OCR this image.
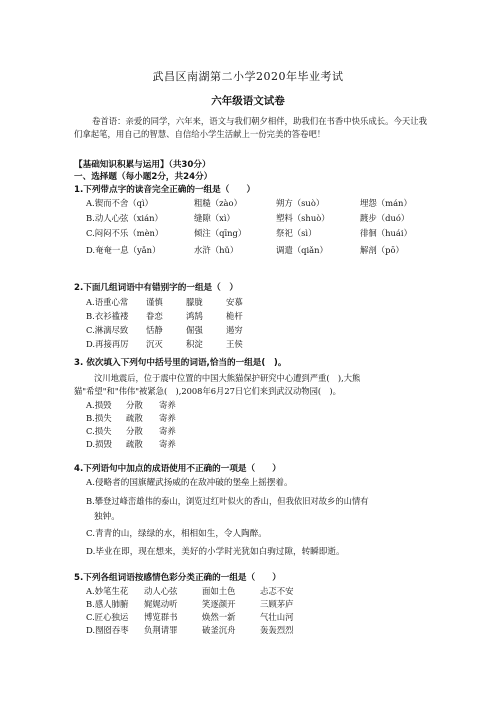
武昌区南湖第二小学2020年毕业考试
六年级语文试卷
卷首语：亲爱的同学，六年来，语文与我们朝夕相伴，助我们在书香中快乐成长。今天让我们拿起笔，用自己的智慧、自信给小学生活献上一份完美的答卷吧！
【基础知识积累与运用】（共30分）
一、选择题（每小题2分，共24分）
1.下列带点字的读音完全正确的一组是（　　）
A.锲而不舍（qì）	粗糙（zào）	朔方（suò）	埋怨（mán）
B.动人心弦（xián）	缝隙（xì）	塑料（shuò）	踱步（duó）
C.闷闷不乐（mèn）	倾注（qīng）	祭祀（sì）	徘徊（huái）
D.奄奄一息（yǎn）	水浒（hǔ）	调遣（qiǎn）	解剖（pō）
2.下面几组词语中有错别字的一组是（　）
A.语重心常	谨慎	朦胧	安慕
B.衣衫褴褛	眷恋	鸿鹄	桅杆
C.淋漓尽致	恬静	倔强	遏穷
D.再接再厉	沉灭	积淀	王侯
3. 依次填入下列句中括号里的词语,恰当的一组是(　)。
汶川地震后，位于震中位置的中国大熊猫保护研究中心遭到严重(　),大熊
猫"希望"和"伟伟"被紧急(　),2008年6月27日它们来到武汉动物园(　)。
A.损毁	分散	寄养
B.损失	疏散	寄养
C.损失	分散	寄养
D.损毁	疏散	寄养
4.下列语句中加点的成语使用不正确的一项是（　　）
A.侵略者的国旗耀武扬威的在敌冲破的堡垒上摇摆着。
B.攀登过峰峦雄伟的泰山，浏览过红叶似火的香山，但我依旧对故乡的山情有
独钟。
C.青青的山，绿绿的水，相相如生，令人陶醉。
D.毕业在即，现在想来，美好的小学时光犹如白驹过隙，转瞬即逝。
5.下列各组词语按感情色彩分类正确的一组是（　　）
A.妙笔生花	动人心弦	面如土色	忐忑不安
B.感人肺腑	娓娓动听	笑逐颜开	三顾茅庐
C.匠心独运	博览群书	焕然一新	气壮山河
D.囫囵吞枣	负荆请罪	破釜沉舟	轰轰烈烈
